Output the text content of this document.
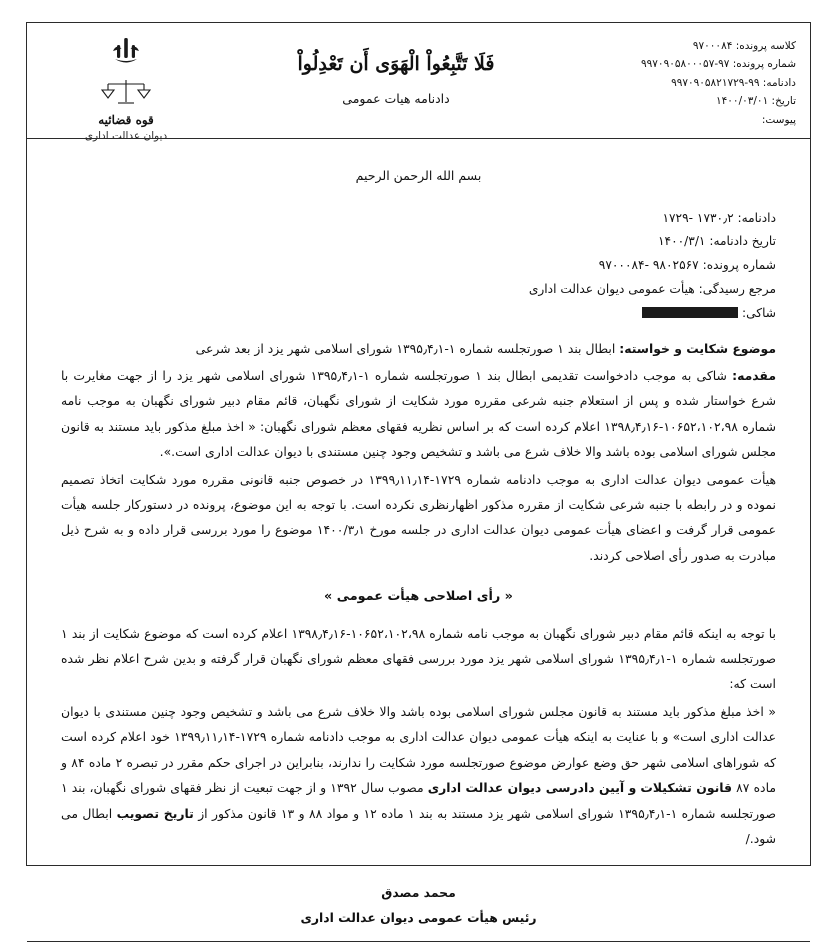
کلاسه پرونده: ۹۷۰۰۰۸۴
شماره پرونده: ۹۷-۹۹۷۰۹۰۵۸۰۰۰۵۷
دادنامه: ۹۹-۹۹۷۰۹۰۵۸۲۱۷۲۹
تاریخ: ۱۴۰۰/۰۳/۰۱
پیوست:
فَلَا تَتَّبِعُواْ الْهَوَى أَن تَعْدِلُواْ
دادنامه هیات عمومی
قوه قضائیه
دیوان عدالت اداری
بسم الله الرحمن الرحیم
دادنامه: ۱۷۳۰٫۲ -۱۷۲۹
تاریخ دادنامه: ۱۴۰۰/۳/۱
شماره پرونده: ۹۸۰۲۵۶۷ -۹۷۰۰۰۸۴
مرجع رسیدگی: هیأت عمومی دیوان عدالت اداری
شاکی:

موضوع شکایت و خواسته: ابطال بند ۱ صورتجلسه شماره ۱-۱۳۹۵٫۴٫۱ شورای اسلامی شهر یزد از بعد شرعی

مقدمه: شاکی به موجب دادخواست تقدیمی ابطال بند ۱ صورتجلسه شماره ۱-۱۳۹۵٫۴٫۱ شورای اسلامی شهر یزد را از جهت مغایرت با شرع خواستار شده و پس از استعلام جنبه شرعی مقرره مورد شکایت از شورای نگهبان، قائم مقام دبیر شورای نگهبان به موجب نامه شماره ۱۰۶۵۲،۱۰۲،۹۸-۱۳۹۸٫۴٫۱۶ اعلام کرده است که بر اساس نظریه فقهای معظم شورای نگهبان: « اخذ مبلغ مذکور باید مستند به قانون مجلس شورای اسلامی بوده باشد والا خلاف شرع می باشد و تشخیص وجود چنین مستندی با دیوان عدالت اداری است.».

هیأت عمومی دیوان عدالت اداری به موجب دادنامه شماره ۱۷۲۹-۱۳۹۹٫۱۱٫۱۴ در خصوص جنبه قانونی مقرره مورد شکایت اتخاذ تصمیم نموده و در رابطه با جنبه شرعی شکایت از مقرره مذکور اظهارنظری نکرده است. با توجه به این موضوع، پرونده در دستورکار جلسه هیأت عمومی قرار گرفت و اعضای هیأت عمومی دیوان عدالت اداری در جلسه مورخ ۱۴۰۰/۳٫۱ موضوع را مورد بررسی قرار داده و به شرح ذیل مبادرت به صدور رأی اصلاحی کردند.

« رأی اصلاحی هیأت عمومی »

با توجه به اینکه قائم مقام دبیر شورای نگهبان به موجب نامه شماره ۱۰۶۵۲،۱۰۲،۹۸-۱۳۹۸٫۴٫۱۶ اعلام کرده است که موضوع شکایت از بند ۱ صورتجلسه شماره ۱-۱۳۹۵٫۴٫۱ شورای اسلامی شهر یزد مورد بررسی فقهای معظم شورای نگهبان قرار گرفته و بدین شرح اعلام نظر شده است که:

« اخذ مبلغ مذکور باید مستند به قانون مجلس شورای اسلامی بوده باشد والا خلاف شرع می باشد و تشخیص وجود چنین مستندی با دیوان عدالت اداری است» و با عنایت به اینکه هیأت عمومی دیوان عدالت اداری به موجب دادنامه شماره ۱۷۲۹-۱۳۹۹٫۱۱٫۱۴ خود اعلام کرده است که شوراهای اسلامی شهر حق وضع عوارض موضوع صورتجلسه مورد شکایت را ندارند، بنابراین در اجرای حکم مقرر در تبصره ۲ ماده ۸۴ و ماده ۸۷ قانون تشکیلات و آیین دادرسی دیوان عدالت اداری مصوب سال ۱۳۹۲ و از جهت تبعیت از نظر فقهای شورای نگهبان، بند ۱ صورتجلسه شماره ۱-۱۳۹۵٫۴٫۱ شورای اسلامی شهر یزد مستند به بند ۱ ماده ۱۲ و مواد ۸۸ و ۱۳ قانون مذکور از تاریخ تصویب ابطال می شود./

محمد مصدق
رئیس هیأت عمومی دیوان عدالت اداری
